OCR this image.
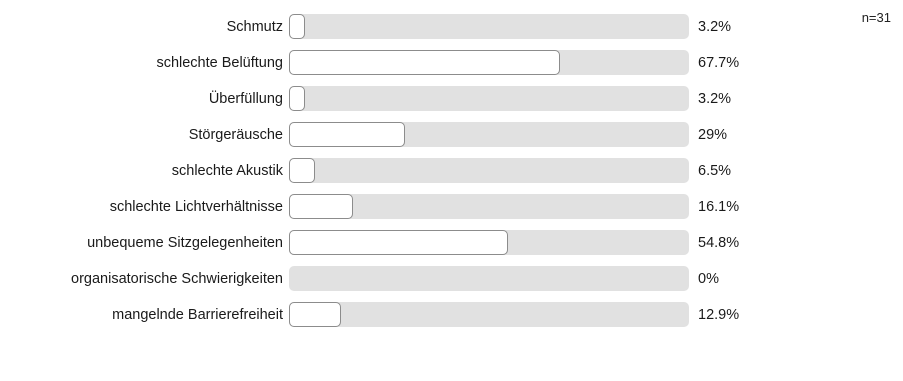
n=31
Schmutz	3.2%
schlechte Belüftung	67.7%
Überfüllung	3.2%
Störgeräusche	29%
schlechte Akustik	6.5%
schlechte Lichtverhältnisse	16.1%
unbequeme Sitzgelegenheiten	54.8%
organisatorische Schwierigkeiten	0%
mangelnde Barrierefreiheit	12.9%
